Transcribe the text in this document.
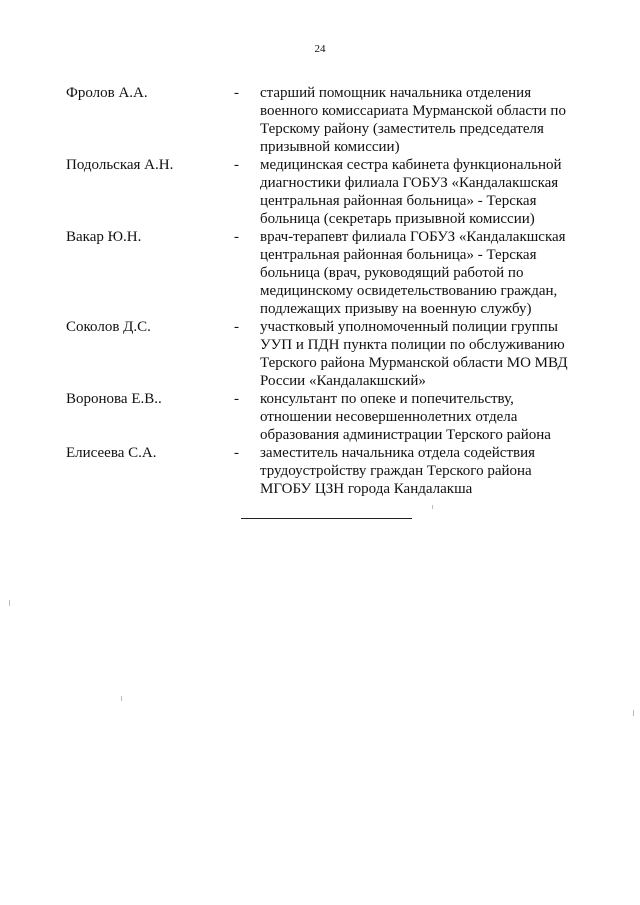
24
Фролов А.А.	-	старший помощник начальника отделения
военного комиссариата Мурманской области по
Терскому району (заместитель председателя
призывной комиссии)
Подольская А.Н.	-	медицинская сестра кабинета функциональной
диагностики филиала ГОБУЗ «Кандалакшская
центральная районная больница» - Терская
больница (секретарь призывной комиссии)
Вакар Ю.Н.	-	врач-терапевт филиала ГОБУЗ «Кандалакшская
центральная районная больница» - Терская
больница (врач, руководящий работой по
медицинскому освидетельствованию граждан,
подлежащих призыву на военную службу)
Соколов Д.С.	-	участковый уполномоченный полиции группы
УУП и ПДН пункта полиции по обслуживанию
Терского района Мурманской области МО МВД
России «Кандалакшский»
Воронова Е.В..	-	консультант по опеке и попечительству,
отношении несовершеннолетних отдела
образования администрации Терского района
Елисеева С.А.	-	заместитель начальника отдела содействия
трудоустройству граждан Терского района
МГОБУ ЦЗН города Кандалакша
